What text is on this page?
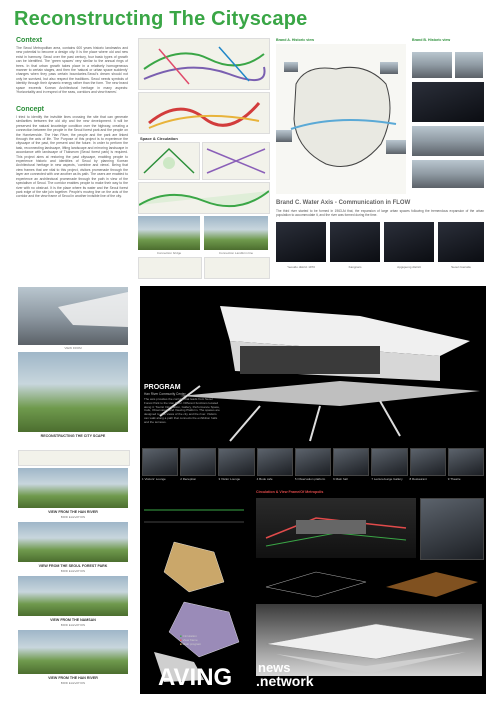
Reconstructing The Cityscape
Context
The Seoul Metropolitan area, contains 600 years historic landmarks and new potential to become a design city. It is the place where old and new exist in harmony. Seoul over the past century, four basic types of growth can be identified. The 'green spaces' very similar to the annual rings of trees. In that urban growth takes place in a relatively homogeneous manner to certain stages, and then the 'natural or urban space suddenly' changes when they pass certain boundaries.Seoul's dream should not only be survived, but also respect the traditions. Seoul needs symbols of identity through their dynamic energy rather than the form. The new brand space exceeds Korean Architectural heritage in many aspects: 'Horizontality and in respect of the seas, corridors and view frames'.
Concept
I tried to identify the invisible lines crossing the site that can generate similarities between the old city and the new development. It will be preserved the natural knowledge condition over the highway, creating a connection between the people in the Seoul forest park and the people on the Hanriverside. The Han River, the people and the park are linked through the axis of life. The Purpose of this project is to experience the cityscape of the past, the present and the future. In order to perform the task, reconnecting landscape, lifting landscape and mirroring landscape in accordance with landscape of Ttukseom (Seoul forest park) is required. This project aims at restoring the past cityscape, enabling people to experience historic and identities of Seoul by planning Korean Architectural heritage in new aspects, 'combine and views'. Being that view frames that are vital to this project, visitors promenade through the layer are connected with one another as its path. The users are enabled to experience an architectural promenade through the path in view of the specialism of Seoul. The corridor enables people to make their way to the river with no obstruct. It is the place where its water and the Seoul forest park edge of the site join together. People's moving line on the axis of the corridor and the view frame of Seoul in another invisible line of the city.
Space & Circulation
Connection bridge	Connection Landform line
Brand A. Historic view	Brand B. Historic view
Brand C. Water Axis - Communication in FLOW
The third river started to be formed in 1963.At that, the expansion of large urban spaces following the tremendous expansion of the urban population to accommodate it, and the river was formed during the time.
Yeouido district 1970	Kangnam	Apgujeong district	Seoul riverside
VIEW FROM
RECONSTRUCTING THE CITY SCAPE
VIEW FROM THE HAN RIVER
BIRD ELEVATION
VIEW FROM THE SEOUL FOREST PARK
BIRD ELEVATION
VIEW FROM THE NAMSAN
BIRD ELEVATION
VIEW FROM THE HAN RIVER
BIRD ELEVATION
PROGRAM
Han River Community Center
The axis provides the corridor that leads from Seoul Forest Park to the Han River. Different functions located along it: Tourist Information, Gallery, Performance Space, Cafe, Observatory and Viewing Platform. The spaces are designed to give views of the city and the river. Visitors can walk along a path that connects the exhibition halls and the terraces.
1 Visitors' Lounge	2 Reception	3 Visitor Lounge	4 Book cafe	5 Observation platform	6 Main hall	7 Lecture/Large Gallery	8 Restaurant	9 Theatre
Circulation & View Frame/Of Metropolis
■ Circulation
■ View frame
■ Main program
AVING news
.network
